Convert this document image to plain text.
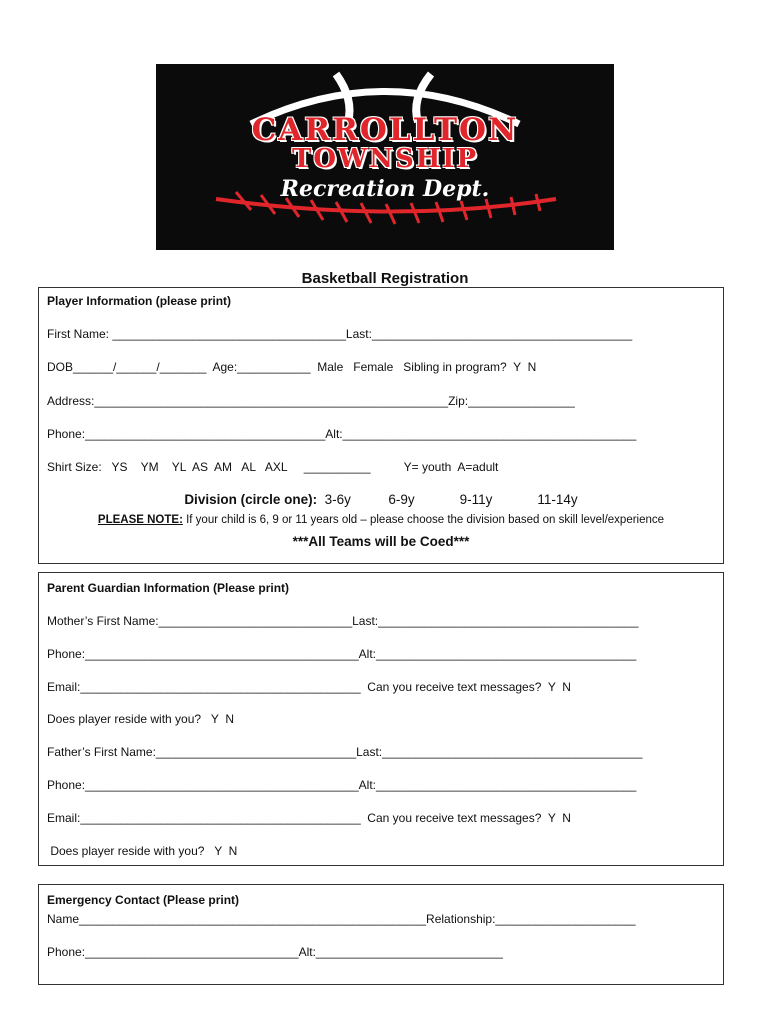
CARROLLTON
TOWNSHIP
Recreation Dept.
Basketball Registration
Player Information (please print)
First Name: ___________________________________Last:_______________________________________
DOB______/______/_______  Age:___________  Male   Female   Sibling in program?  Y  N
Address:_____________________________________________________Zip:________________
Phone:____________________________________Alt:____________________________________________
Shirt Size:   YS    YM    YL  AS  AM   AL   AXL     __________          Y= youth  A=adult
Division (circle one):  3-6y          6-9y            9-11y            11-14y
PLEASE NOTE: If your child is 6, 9 or 11 years old – please choose the division based on skill level/experience
***All Teams will be Coed***
Parent Guardian Information (Please print)
Mother’s First Name:_____________________________Last:_______________________________________
Phone:_________________________________________Alt:_______________________________________
Email:__________________________________________  Can you receive text messages?  Y  N
Does player reside with you?   Y  N
Father’s First Name:______________________________Last:_______________________________________
Phone:_________________________________________Alt:_______________________________________
Email:__________________________________________  Can you receive text messages?  Y  N
Does player reside with you?   Y  N
Emergency Contact (Please print)
Name____________________________________________________Relationship:_____________________
Phone:________________________________Alt:____________________________
